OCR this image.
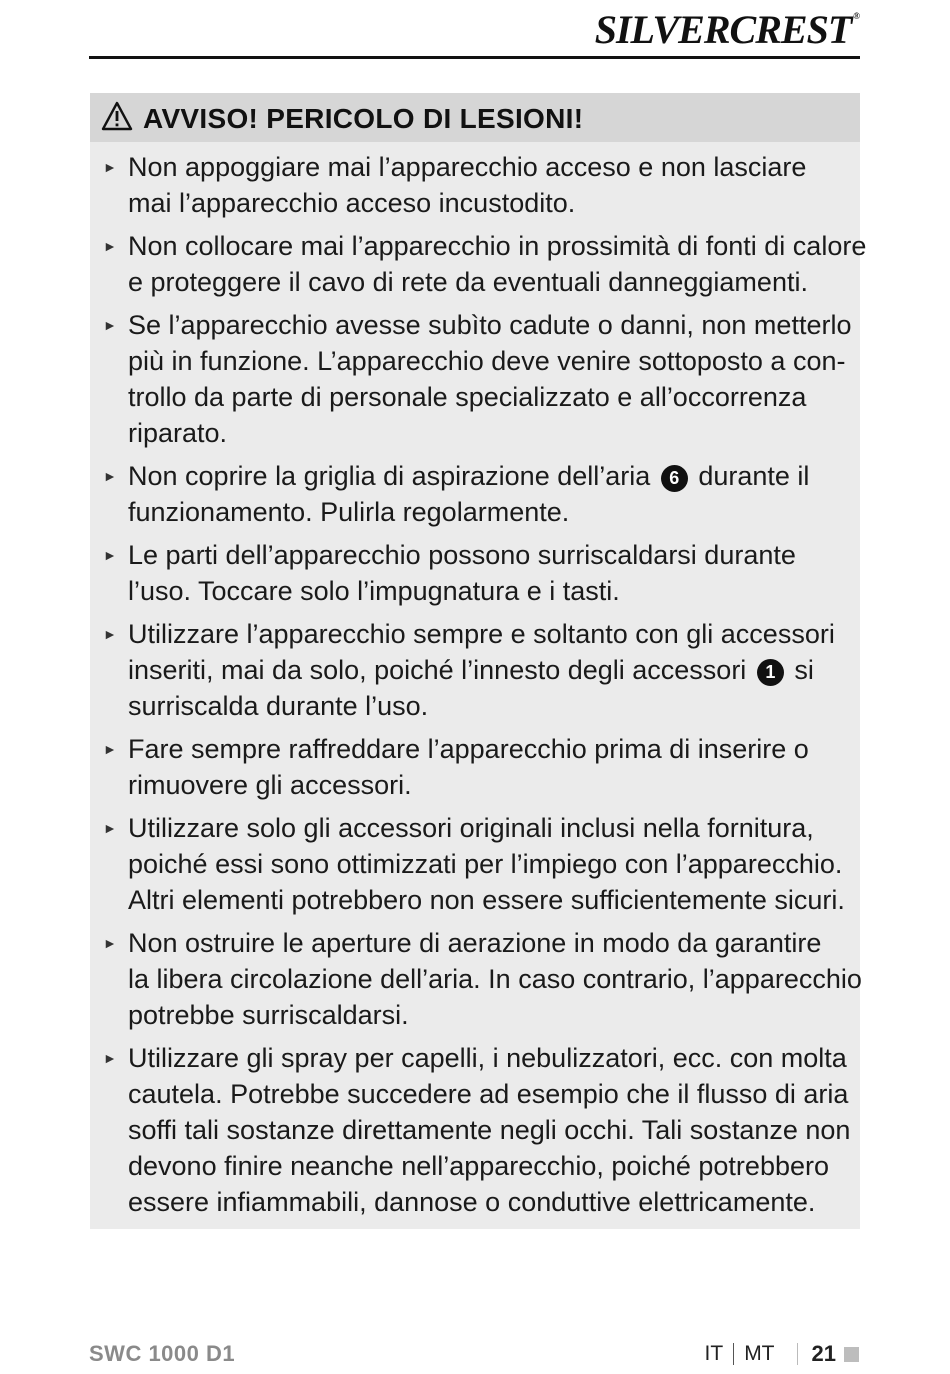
SILVERCREST ®
AVVISO! PERICOLO DI LESIONI!
► Non appoggiare mai l’apparecchio acceso e non lasciare
mai l’apparecchio acceso incustodito.
► Non collocare mai l’apparecchio in prossimità di fonti di calore
e proteggere il cavo di rete da eventuali danneggiamenti.
► Se l’apparecchio avesse subìto cadute o danni, non metterlo
più in funzione. L’apparecchio deve venire sottoposto a con-
trollo da parte di personale specializzato e all’occorrenza
riparato.
► Non coprire la griglia di aspirazione dell’aria 6 durante il
funzionamento. Pulirla regolarmente.
► Le parti dell’apparecchio possono surriscaldarsi durante
l’uso. Toccare solo l’impugnatura e i tasti.
► Utilizzare l’apparecchio sempre e soltanto con gli accessori
inseriti, mai da solo, poiché l’innesto degli accessori 1 si
surriscalda durante l’uso.
► Fare sempre raffreddare l’apparecchio prima di inserire o
rimuovere gli accessori.
► Utilizzare solo gli accessori originali inclusi nella fornitura,
poiché essi sono ottimizzati per l’impiego con l’apparecchio.
Altri elementi potrebbero non essere sufficientemente sicuri.
► Non ostruire le aperture di aerazione in modo da garantire
la libera circolazione dell’aria. In caso contrario, l’apparecchio
potrebbe surriscaldarsi.
► Utilizzare gli spray per capelli, i nebulizzatori, ecc. con molta
cautela. Potrebbe succedere ad esempio che il flusso di aria
soffi tali sostanze direttamente negli occhi. Tali sostanze non
devono finire neanche nell’apparecchio, poiché potrebbero
essere infiammabili, dannose o conduttive elettricamente.
SWC 1000 D1	IT MT 21
